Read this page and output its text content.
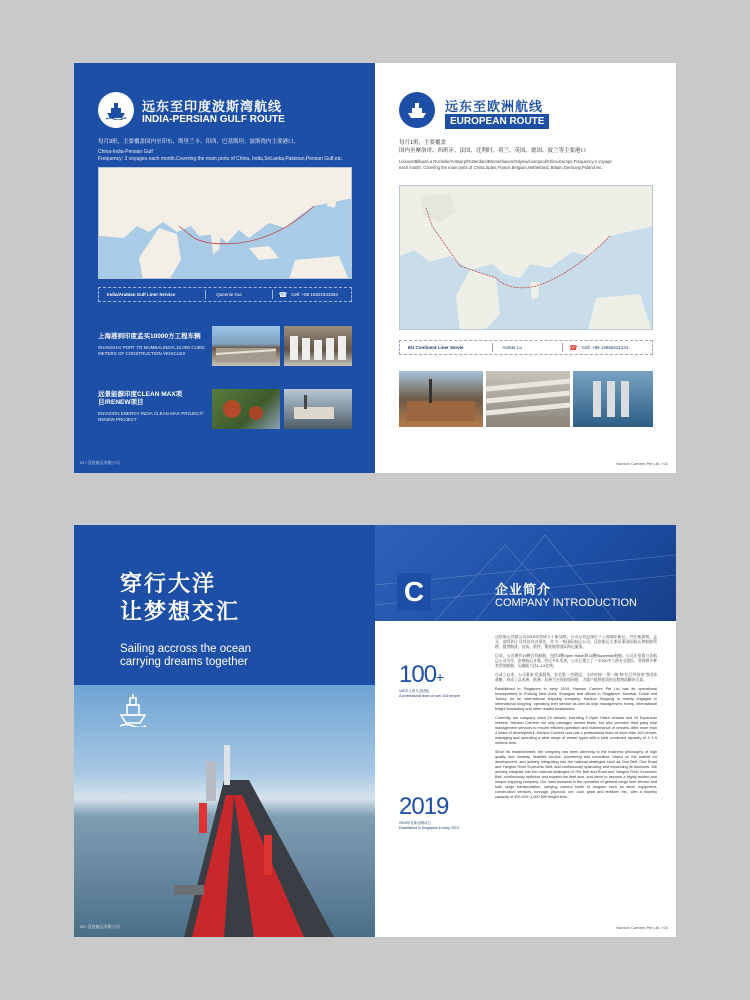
远东至印度波斯湾航线
INDIA-PERSIAN GULF ROUTE
每月3班，主要覆盖国内至印东、斯里兰卡、印西、巴基斯坦、波斯湾内主要港口。
China-India-Persian Gulf
Frequency: 3 voyages each month.Covering the main ports of China, India,SriLanka,Pakistan,Persian Gulf,etc.
India/Arabian Gulf Liner Service	Queenie Gui	☎ Cell: +86 15921543384
上海港到印度孟买10000方工程车辆
SHANGHAI PORT TO MUMBAI,INDIA,10,000 CUBIC METERS OF CONSTRUCTION VEHICLES
远景能源印度CLEAN MAX项目/RENEW项目
ENVISION ENERGY INDIA CLEAN MAX PROJECT/ RENEW PROJECT
01 / 汉宸航运有限公司
远东至欧洲航线
EUROPEAN ROUTE
每月1班，主要覆盖
国内至摩洛哥、西班牙、法国、比利时、荷兰、英国、德国、波兰等主要港口
Leixoes/Bilbao/La Rochelle/Antwerp/Rotterdam/Bremerhaven/Gdynia/Liverpool/China-Europe Frequency:1 voyage each month. Covering the main ports of China,Spain,France,Belgium,Netherland, Britain,Germany,Poland etc.
EU Continent Liner Servie	Amber Lu	☎ Cell: +86 13666231341
Hanson Carriers Pte Ltd. / 02
穿行大洋
让梦想交汇
Sailing accross the ocean
carrying dreams together
03 / 汉宸航运有限公司
C	企业简介
COMPANY INTRODUCTION
100+
100多人的专业团队
A professional team of over 100 people
2019
2019年在新加坡成立
Established in Singapore in early 2019

汉宸航运有限公司2019年初成立于新加坡，公司运营总部位于上海浦东新区，并在新加坡、孟买、迪拜和土耳其设有办事处。作为一家国际航运公司，汉宸航运主要从事国际航运和船舶管理，提供散货、杂货、重件、集装箱等国际海运服务。

目前，公司拥有19艘自有船舶，包括3艘Open Hatch和16艘Supermax船舶。公司还依靠与各航运公司合作，安排航运业务。经过多年发展，公司已建立了一支100多人的专业团队，管理着多种类型的船舶，运输能力达1-1.5亿吨。

自成立以来，公司秉承“优质服务，安全第一”的理念，主动对接“一带一路”和“长江经济带”等国家战略，形成了以亚洲、欧洲、非洲为主的航线网络，为客户提供优质的全程物流解决方案。

Established in Singapore in early 2019, Hanson Carriers Pte Ltd has its operational headquarters in Pudong New Area, Shanghai and offices in Singapore, Mumbai, Dubai and Turkey. As an international shipping company, Hanson Shipping is mainly engaged in international shipping, operating liner service as well as ship management, tramp, international freight forwarding and other related businesses.

Currently, our company owns 19 vessels, including 3 Open Hatch vessels and 16 Supermax vessels. Hanson Carriers not only manages owned fleets, but also provides third party ship management services to ensure efficient operation and maintenance of vessels. After more than 4 years of development, Hanson Carriers now has a professional team of more than 100 people, managing and operating a wide range of vessel types with a total combined capacity of 1~1.5 millions tons.

Since its establishment, the company has been adhering to the business philosophy of high quality and honesty, heartfelt service, pioneering and innovative, based on the market for development, and actively integrating into the national strategies such as One Belt, One Road and Yangtze River Economic Belt, and continuously optimizing and expanding its business. We actively integrate into the national strategies of The Belt and Road and Yangtze River Economic Belt, continuously optimize and expand the fleet size, and strive to become a highly trusted and unique shipping company. Our main business is the operation of general cargo liner service and bulk cargo transportation, carrying various kinds of cargoes such as steel, equipment, construction vehicles, tonnage, plywood, ore, coal, grain and fertilizer, etc., with a monthly capacity of 500,000~1,000,000 freight tons.

Hanson Carriers Pte Ltd. / 04
